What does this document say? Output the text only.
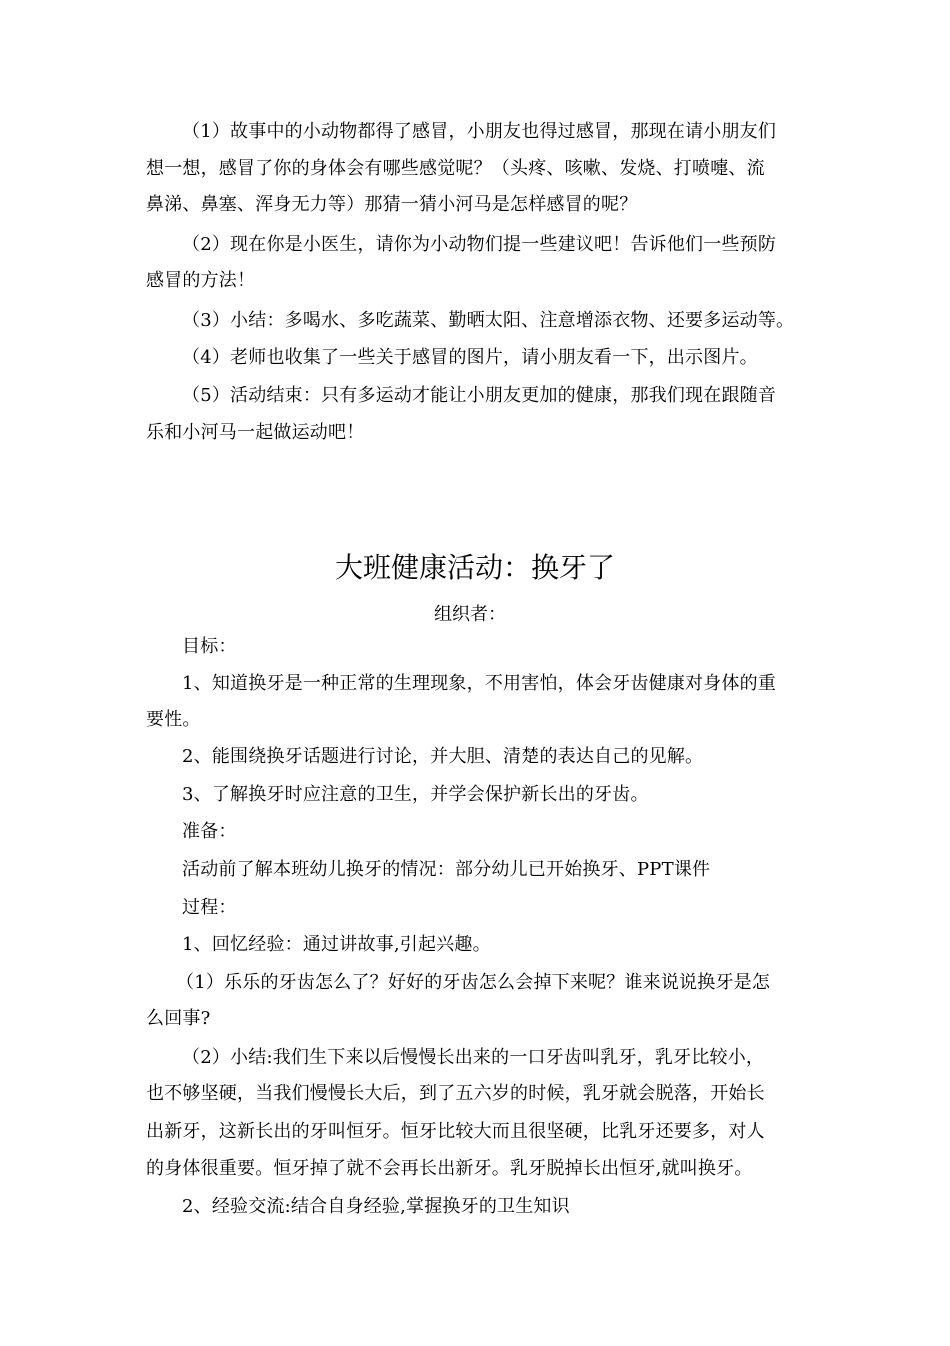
（1）故事中的小动物都得了感冒，小朋友也得过感冒，那现在请小朋友们
想一想，感冒了你的身体会有哪些感觉呢？（头疼、咳嗽、发烧、打喷嚏、流
鼻涕、鼻塞、浑身无力等）那猜一猜小河马是怎样感冒的呢？
（2）现在你是小医生，请你为小动物们提一些建议吧！告诉他们一些预防
感冒的方法！
（3）小结：多喝水、多吃蔬菜、勤晒太阳、注意增添衣物、还要多运动等。
（4）老师也收集了一些关于感冒的图片，请小朋友看一下，出示图片。
（5）活动结束：只有多运动才能让小朋友更加的健康，那我们现在跟随音
乐和小河马一起做运动吧！
大班健康活动：换牙了
组织者：
目标：
1、知道换牙是一种正常的生理现象，不用害怕，体会牙齿健康对身体的重
要性。
2、能围绕换牙话题进行讨论，并大胆、清楚的表达自己的见解。
3、了解换牙时应注意的卫生，并学会保护新长出的牙齿。
准备：
活动前了解本班幼儿换牙的情况：部分幼儿已开始换牙、PPT课件
过程：
1、回忆经验：通过讲故事,引起兴趣。
（1）乐乐的牙齿怎么了？好好的牙齿怎么会掉下来呢？谁来说说换牙是怎
么回事?
（2）小结:我们生下来以后慢慢长出来的一口牙齿叫乳牙，乳牙比较小，
也不够坚硬，当我们慢慢长大后，到了五六岁的时候，乳牙就会脱落，开始长
出新牙，这新长出的牙叫恒牙。恒牙比较大而且很坚硬，比乳牙还要多，对人
的身体很重要。恒牙掉了就不会再长出新牙。乳牙脱掉长出恒牙,就叫换牙。
2、经验交流:结合自身经验,掌握换牙的卫生知识
